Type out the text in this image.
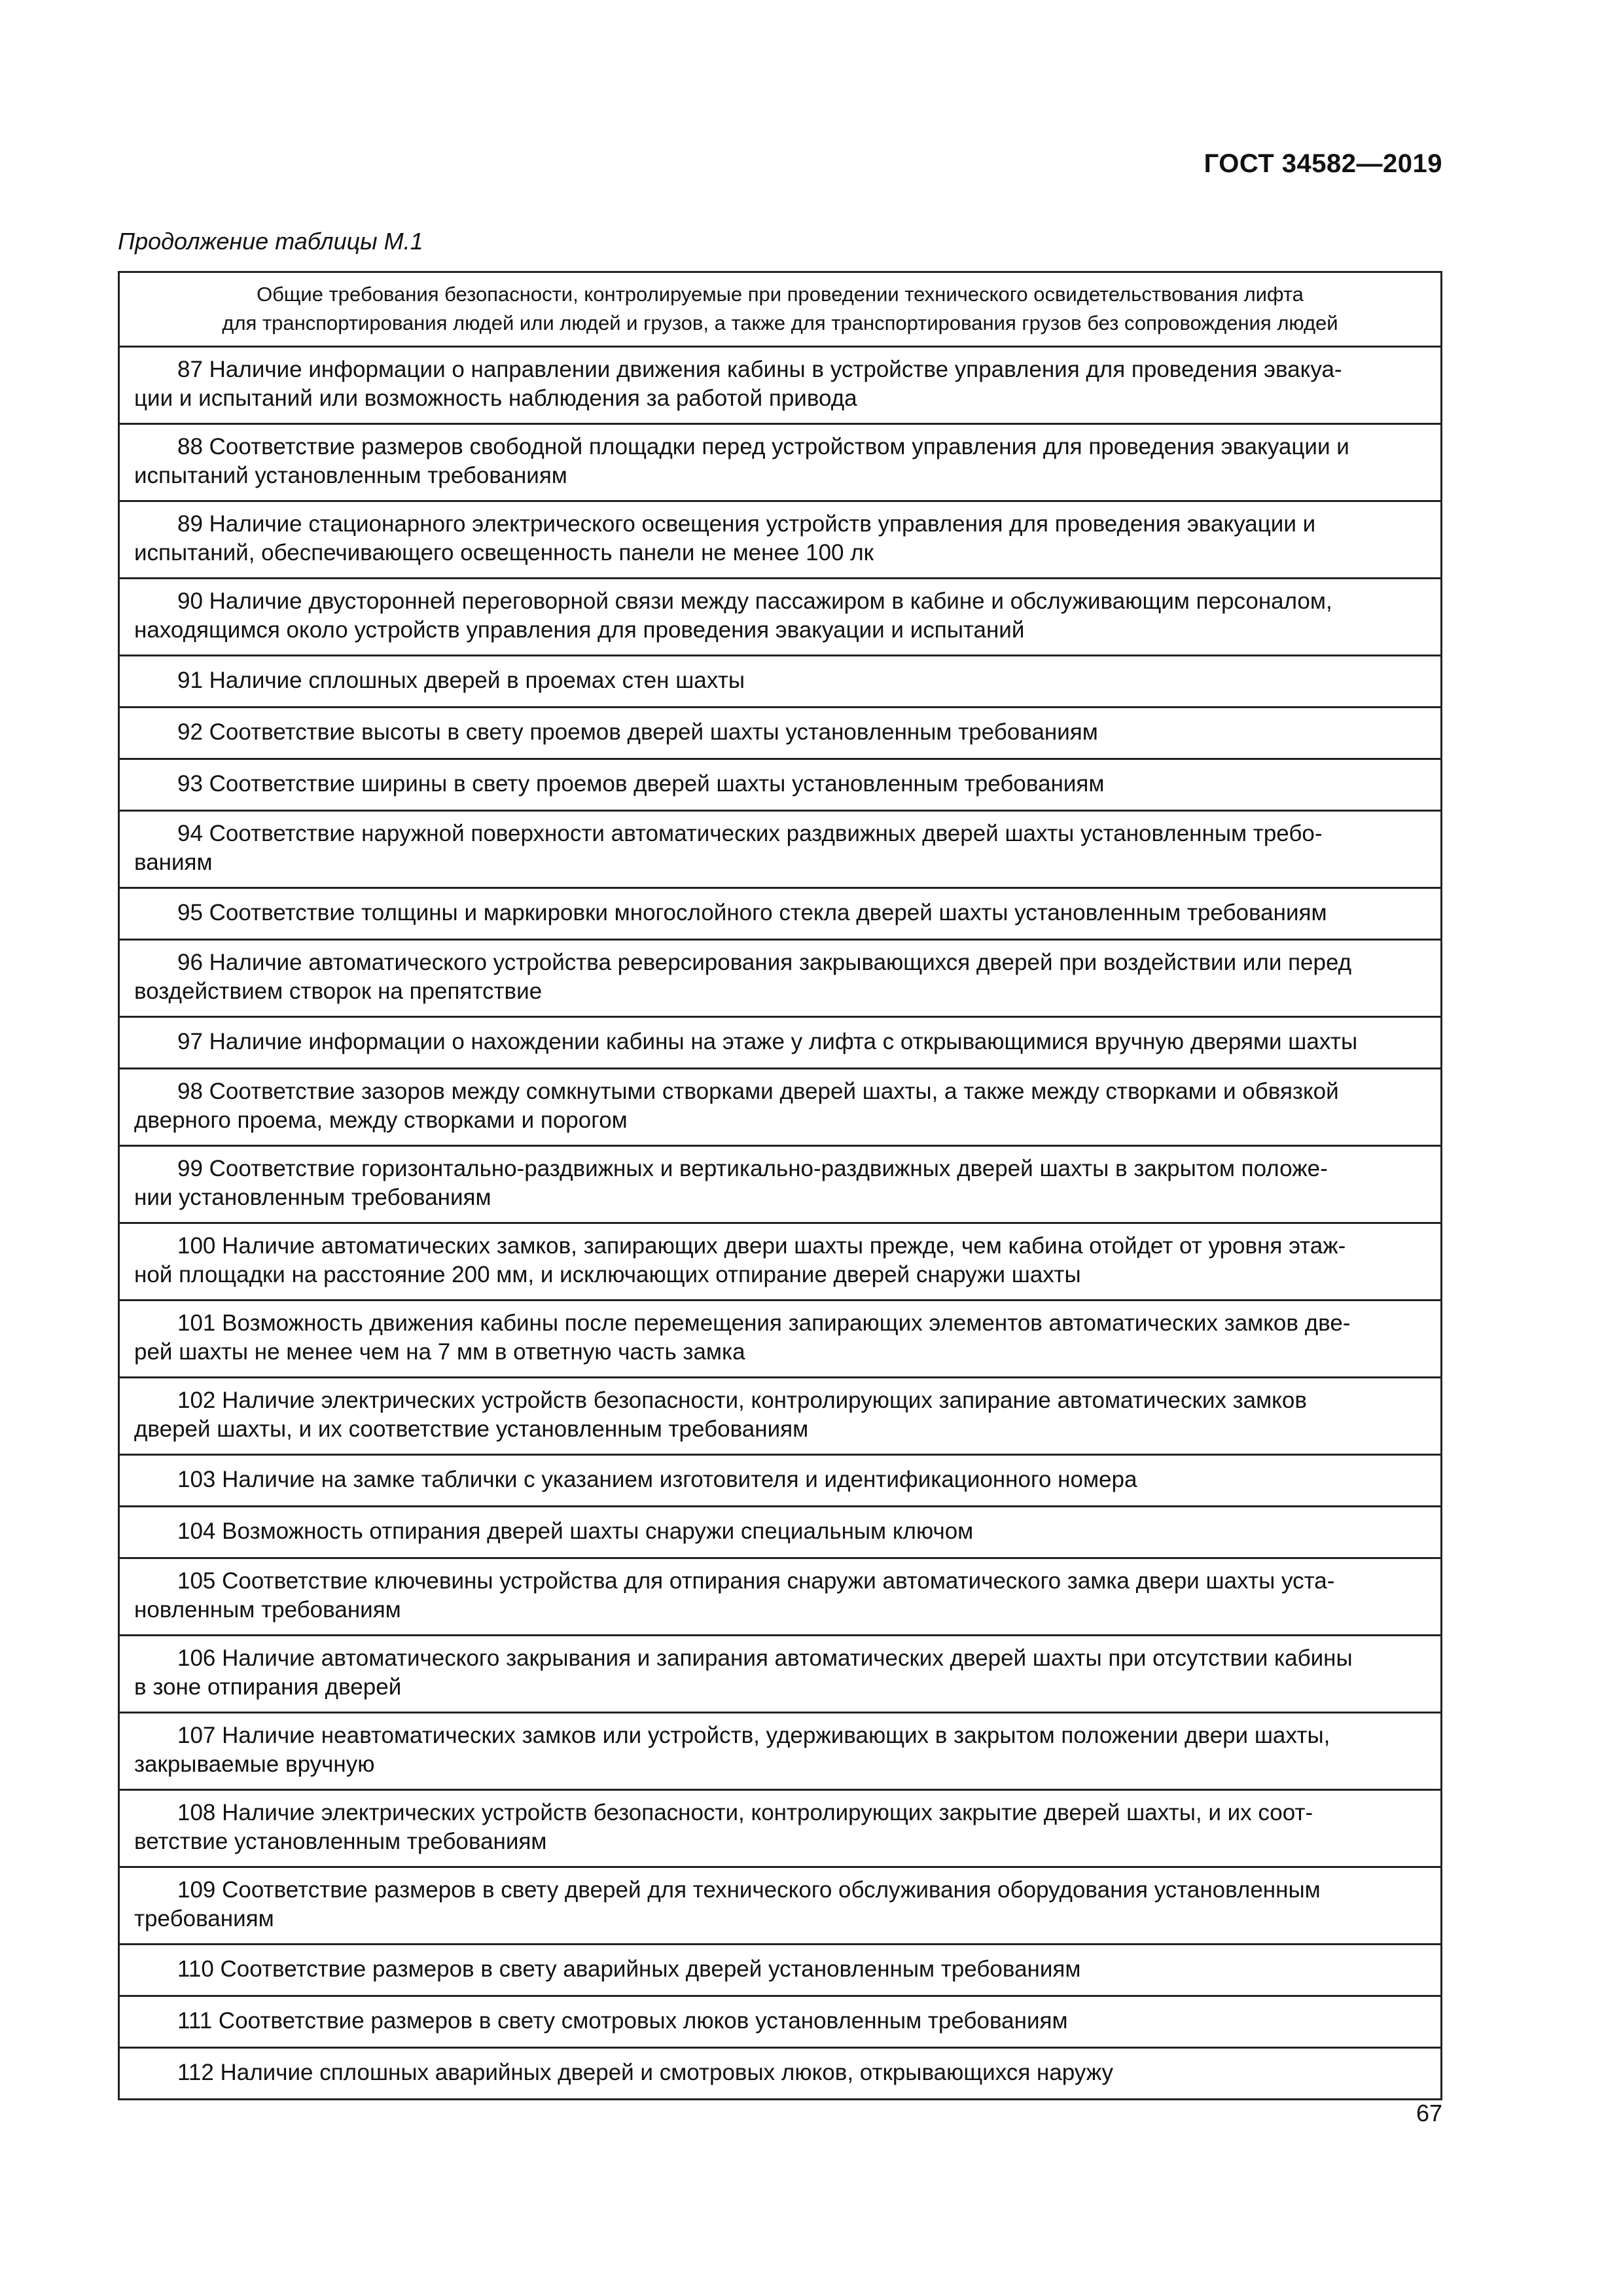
ГОСТ 34582—2019
Продолжение таблицы М.1
Общие требования безопасности, контролируемые при проведении технического освидетельствования лифта
для транспортирования людей или людей и грузов, а также для транспортирования грузов без сопровождения людей
87 Наличие информации о направлении движения кабины в устройстве управления для проведения эвакуа-
ции и испытаний или возможность наблюдения за работой привода
88 Соответствие размеров свободной площадки перед устройством управления для проведения эвакуации и
испытаний установленным требованиям
89 Наличие стационарного электрического освещения устройств управления для проведения эвакуации и
испытаний, обеспечивающего освещенность панели не менее 100 лк
90 Наличие двусторонней переговорной связи между пассажиром в кабине и обслуживающим персоналом,
находящимся около устройств управления для проведения эвакуации и испытаний
91 Наличие сплошных дверей в проемах стен шахты
92 Соответствие высоты в свету проемов дверей шахты установленным требованиям
93 Соответствие ширины в свету проемов дверей шахты установленным требованиям
94 Соответствие наружной поверхности автоматических раздвижных дверей шахты установленным требо-
ваниям
95 Соответствие толщины и маркировки многослойного стекла дверей шахты установленным требованиям
96 Наличие автоматического устройства реверсирования закрывающихся дверей при воздействии или перед
воздействием створок на препятствие
97 Наличие информации о нахождении кабины на этаже у лифта с открывающимися вручную дверями шахты
98 Соответствие зазоров между сомкнутыми створками дверей шахты, а также между створками и обвязкой
дверного проема, между створками и порогом
99 Соответствие горизонтально-раздвижных и вертикально-раздвижных дверей шахты в закрытом положе-
нии установленным требованиям
100 Наличие автоматических замков, запирающих двери шахты прежде, чем кабина отойдет от уровня этаж-
ной площадки на расстояние 200 мм, и исключающих отпирание дверей снаружи шахты
101 Возможность движения кабины после перемещения запирающих элементов автоматических замков две-
рей шахты не менее чем на 7 мм в ответную часть замка
102 Наличие электрических устройств безопасности, контролирующих запирание автоматических замков
дверей шахты, и их соответствие установленным требованиям
103 Наличие на замке таблички с указанием изготовителя и идентификационного номера
104 Возможность отпирания дверей шахты снаружи специальным ключом
105 Соответствие ключевины устройства для отпирания снаружи автоматического замка двери шахты уста-
новленным требованиям
106 Наличие автоматического закрывания и запирания автоматических дверей шахты при отсутствии кабины
в зоне отпирания дверей
107 Наличие неавтоматических замков или устройств, удерживающих в закрытом положении двери шахты,
закрываемые вручную
108 Наличие электрических устройств безопасности, контролирующих закрытие дверей шахты, и их соот-
ветствие установленным требованиям
109 Соответствие размеров в свету дверей для технического обслуживания оборудования установленным
требованиям
110 Соответствие размеров в свету аварийных дверей установленным требованиям
111 Соответствие размеров в свету смотровых люков установленным требованиям
112 Наличие сплошных аварийных дверей и смотровых люков, открывающихся наружу
67
